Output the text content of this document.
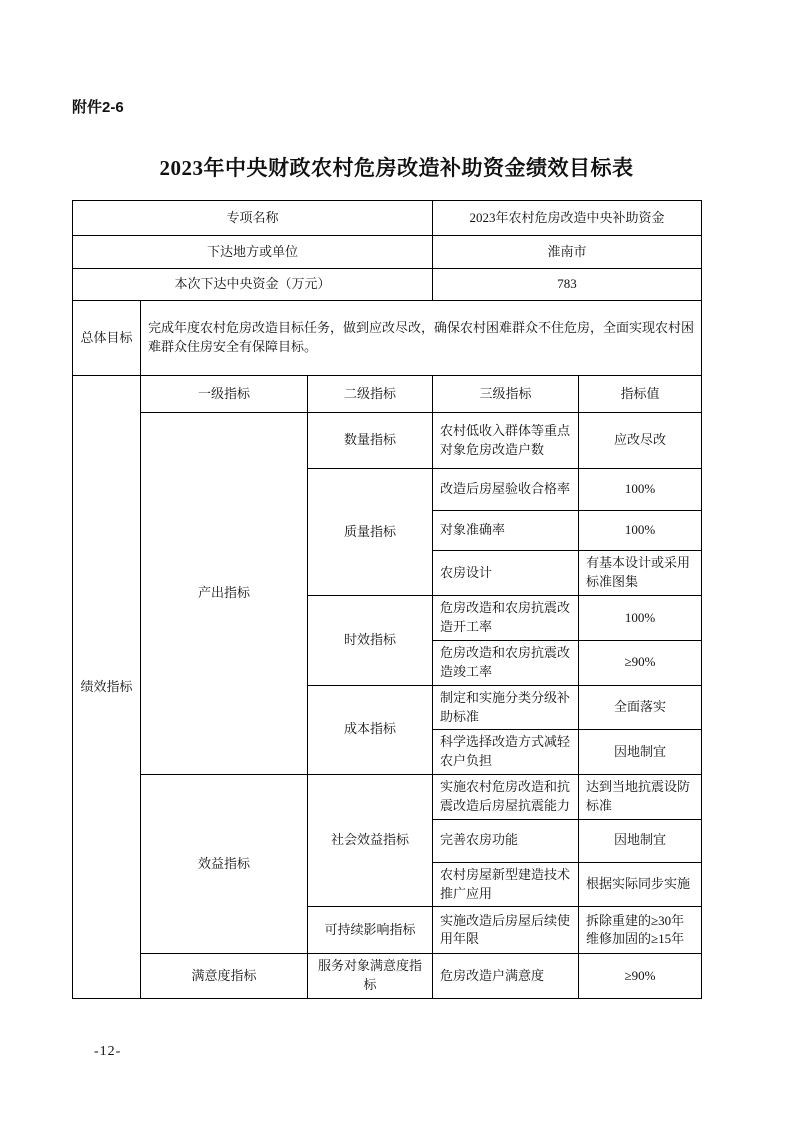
附件2-6
2023年中央财政农村危房改造补助资金绩效目标表
专项名称			2023年农村危房改造中央补助资金	
下达地方或单位			淮南市	
本次下达中央资金（万元）			783	
总体目标	完成年度农村危房改造目标任务，做到应改尽改，确保农村困难群众不住危房，全面实现农村困难群众住房安全有保障目标。			
绩效指标	一级指标	二级指标	三级指标	指标值
	产出指标	数量指标	农村低收入群体等重点对象危房改造户数	应改尽改
		质量指标	改造后房屋验收合格率	100%
			对象准确率	100%
			农房设计	有基本设计或采用标准图集
		时效指标	危房改造和农房抗震改造开工率	100%
			危房改造和农房抗震改造竣工率	≥90%
		成本指标	制定和实施分类分级补助标准	全面落实
			科学选择改造方式减轻农户负担	因地制宜
	效益指标	社会效益指标	实施农村危房改造和抗震改造后房屋抗震能力	达到当地抗震设防标准
			完善农房功能	因地制宜
			农村房屋新型建造技术推广应用	根据实际同步实施
		可持续影响指标	实施改造后房屋后续使用年限	拆除重建的≥30年 维修加固的≥15年
	满意度指标	服务对象满意度指标	危房改造户满意度	≥90%
-12-
